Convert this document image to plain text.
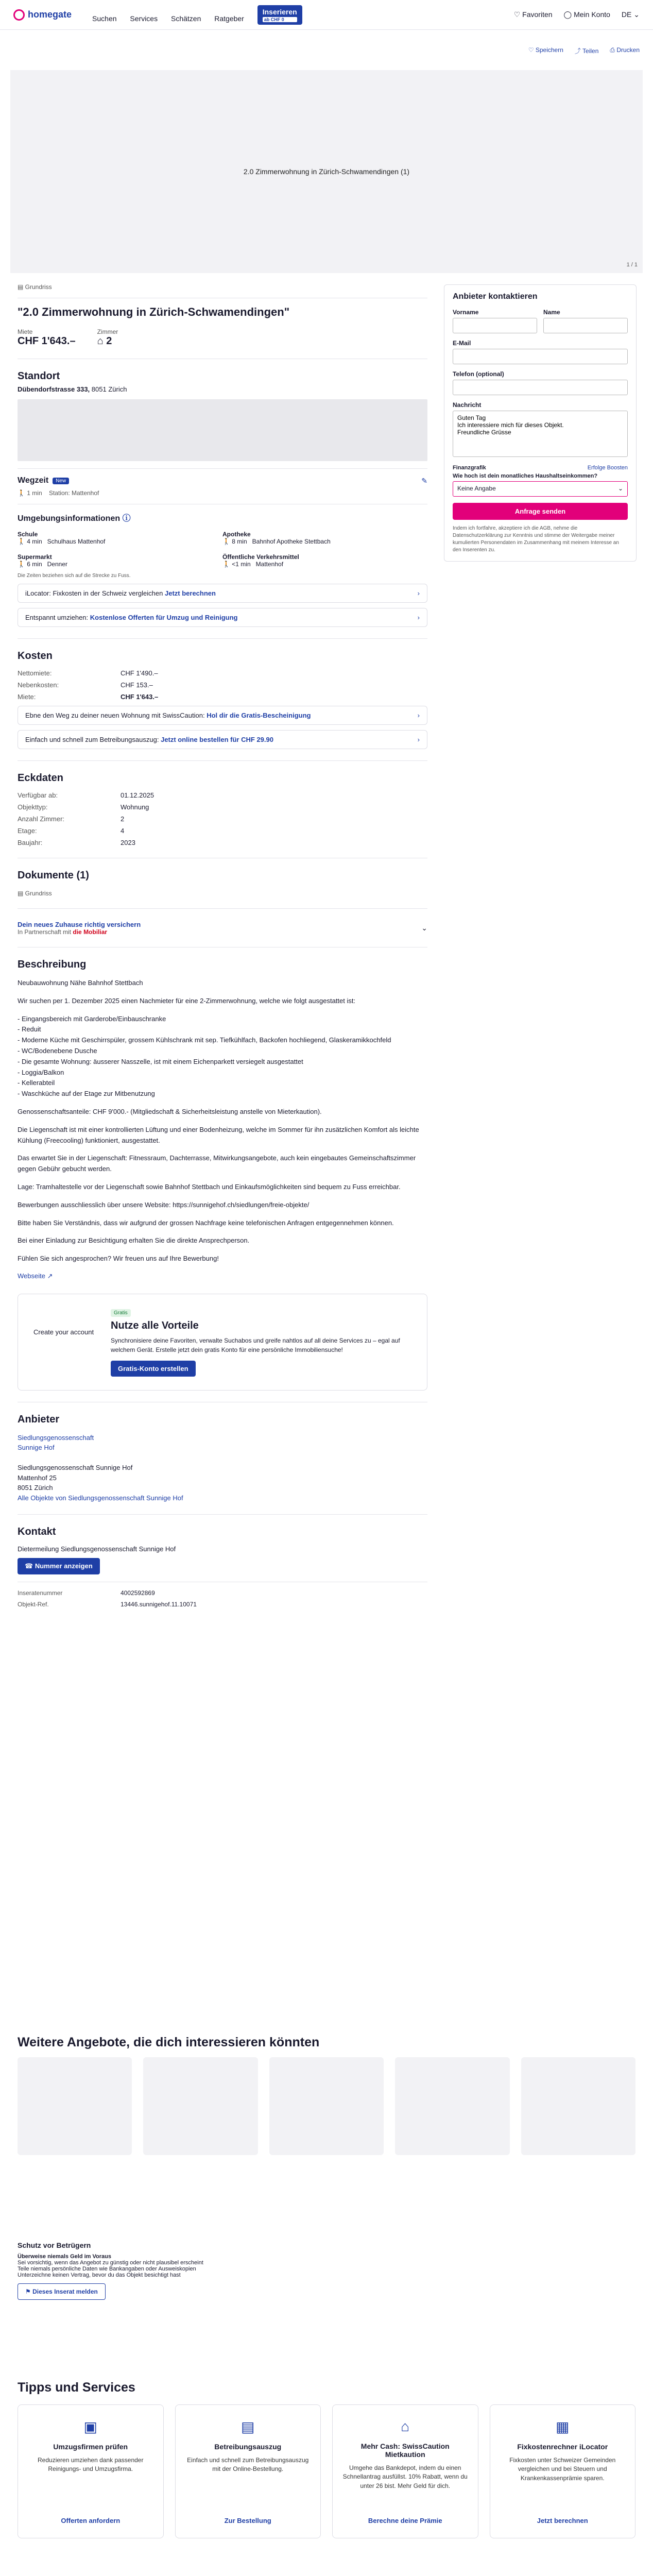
homegate	Suchen Services Schätzen Ratgeber Inserieren
ab CHF 0
♡ Favoriten ◯ Mein Konto DE ⌄
♡ Speichern ⤴ Teilen ⎙ Drucken
2.0 Zimmerwohnung in Zürich-Schwamendingen (1)
1 / 1
▤ Grundriss
"2.0 Zimmerwohnung in Zürich-Schwamendingen"
Miete
CHF 1'643.–
Zimmer
⌂ 2
Standort
Dübendorfstrasse 333, 8051 Zürich
Wegzeit	New	✎
🚶 1 min Station: Mattenhof
Umgebungsinformationen ⓘ
Schule
🚶 4 min Schulhaus Mattenhof
Apotheke
🚶 8 min Bahnhof Apotheke Stettbach
Supermarkt
🚶 6 min Denner
Öffentliche Verkehrsmittel
🚶 <1 min Mattenhof
Die Zeiten beziehen sich auf die Strecke zu Fuss.
iLocator: Fixkosten in der Schweiz vergleichen
Jetzt berechnen	›
Entspannt umziehen:
Kostenlose Offerten für Umzug und Reinigung	›
Kosten
Nettomiete:	CHF 1'490.–
Nebenkosten:	CHF 153.–
Miete:	CHF 1'643.–
Ebne den Weg zu deiner neuen Wohnung mit SwissCaution:
Hol dir die Gratis-Bescheinigung	›
Einfach und schnell zum Betreibungsauszug:
Jetzt online bestellen für CHF 29.90	›
Eckdaten
Verfügbar ab:	01.12.2025
Objekttyp:	Wohnung
Anzahl Zimmer:	2
Etage:	4
Baujahr:	2023
Dokumente (1)
▤ Grundriss
Dein neues Zuhause richtig versichern
In Partnerschaft mit die Mobiliar
⌄
Beschreibung

Neubauwohnung Nähe Bahnhof Stettbach

Wir suchen per 1. Dezember 2025 einen Nachmieter für eine 2-Zimmerwohnung, welche wie folgt ausgestattet ist:

- Eingangsbereich mit Garderobe/Einbauschranke
- Reduit
- Moderne Küche mit Geschirrspüler, grossem Kühlschrank mit sep. Tiefkühlfach, Backofen hochliegend, Glaskeramikkochfeld
- WC/Bodenebene Dusche
- Die gesamte Wohnung: äusserer Nasszelle, ist mit einem Eichenparkett versiegelt ausgestattet
- Loggia/Balkon
- Kellerabteil
- Waschküche auf der Etage zur Mitbenutzung

Genossenschaftsanteile: CHF 9'000.- (Mitgliedschaft & Sicherheitsleistung anstelle von Mieterkaution).

Die Liegenschaft ist mit einer kontrollierten Lüftung und einer Bodenheizung, welche im Sommer für ihn zusätzlichen Komfort als leichte Kühlung (Freecooling) funktioniert, ausgestattet.

Das erwartet Sie in der Liegenschaft: Fitnessraum, Dachterrasse, Mitwirkungsangebote, auch kein eingebautes Gemeinschaftszimmer gegen Gebühr gebucht werden.

Lage: Tramhaltestelle vor der Liegenschaft sowie Bahnhof Stettbach und Einkaufsmöglichkeiten sind bequem zu Fuss erreichbar.

Bewerbungen ausschliesslich über unsere Website: https://sunnigehof.ch/siedlungen/freie-objekte/

Bitte haben Sie Verständnis, dass wir aufgrund der grossen Nachfrage keine telefonischen Anfragen entgegennehmen können.

Bei einer Einladung zur Besichtigung erhalten Sie die direkte Ansprechperson.

Fühlen Sie sich angesprochen? Wir freuen uns auf Ihre Bewerbung!

Webseite ↗
Create your account
Gratis
Nutze alle Vorteile

Synchronisiere deine Favoriten, verwalte Suchabos und greife nahtlos auf all deine Services zu – egal auf welchem Gerät. Erstelle jetzt dein gratis Konto für eine persönliche Immobiliensuche!

Gratis-Konto erstellen
Anbieter
Siedlungsgenossenschaft
Sunnige Hof

Siedlungsgenossenschaft Sunnige Hof
Mattenhof 25
8051 Zürich
Alle Objekte von Siedlungsgenossenschaft Sunnige Hof
Kontakt
Dietermeilung Siedlungsgenossenschaft Sunnige Hof
☎ Nummer anzeigen
Inseratenummer	4002592869
Objekt-Ref.	13446.sunnigehof.11.10071
Anbieter kontaktieren
Vorname	Name
E-Mail
Telefon (optional)
Nachricht
Guten Tag Ich interessiere mich für dieses Objekt. Freundliche Grüsse
Finanzgrafik	Erfolge Boosten
Wie hoch ist dein monatliches Haushaltseinkommen?
Keine Angabe	⌄
Anfrage senden

Indem ich fortfahre, akzeptiere ich die AGB, nehme die Datenschutzerklärung zur Kenntnis und stimme der Weitergabe meiner kumulierten Personendaten im Zusammenhang mit meinem Interesse an den Inserenten zu.

Weitere Angebote, die dich interessieren könnten
Schutz vor Betrügern
Überweise niemals Geld im Voraus
Sei vorsichtig, wenn das Angebot zu günstig oder nicht plausibel erscheint
Teile niemals persönliche Daten wie Bankangaben oder Ausweiskopien
Unterzeichne keinen Vertrag, bevor du das Objekt besichtigt hast
⚑ Dieses Inserat melden
Tipps und Services
▣
Umzugsfirmen prüfen

Reduzieren umziehen dank passender Reinigungs- und Umzugsfirma.

Offerten anfordern
▤
Betreibungsauszug

Einfach und schnell zum Betreibungsauszug mit der Online-Bestellung.

Zur Bestellung
⌂
Mehr Cash: SwissCaution Mietkaution

Umgehe das Bankdepot, indem du einen Schnellantrag ausfüllst. 10% Rabatt, wenn du unter 26 bist. Mehr Geld für dich.

Berechne deine Prämie
▦
Fixkostenrechner iLocator

Fixkosten unter Schweizer Gemeinden vergleichen und bei Steuern und Krankenkassenprämie sparen.

Jetzt berechnen
